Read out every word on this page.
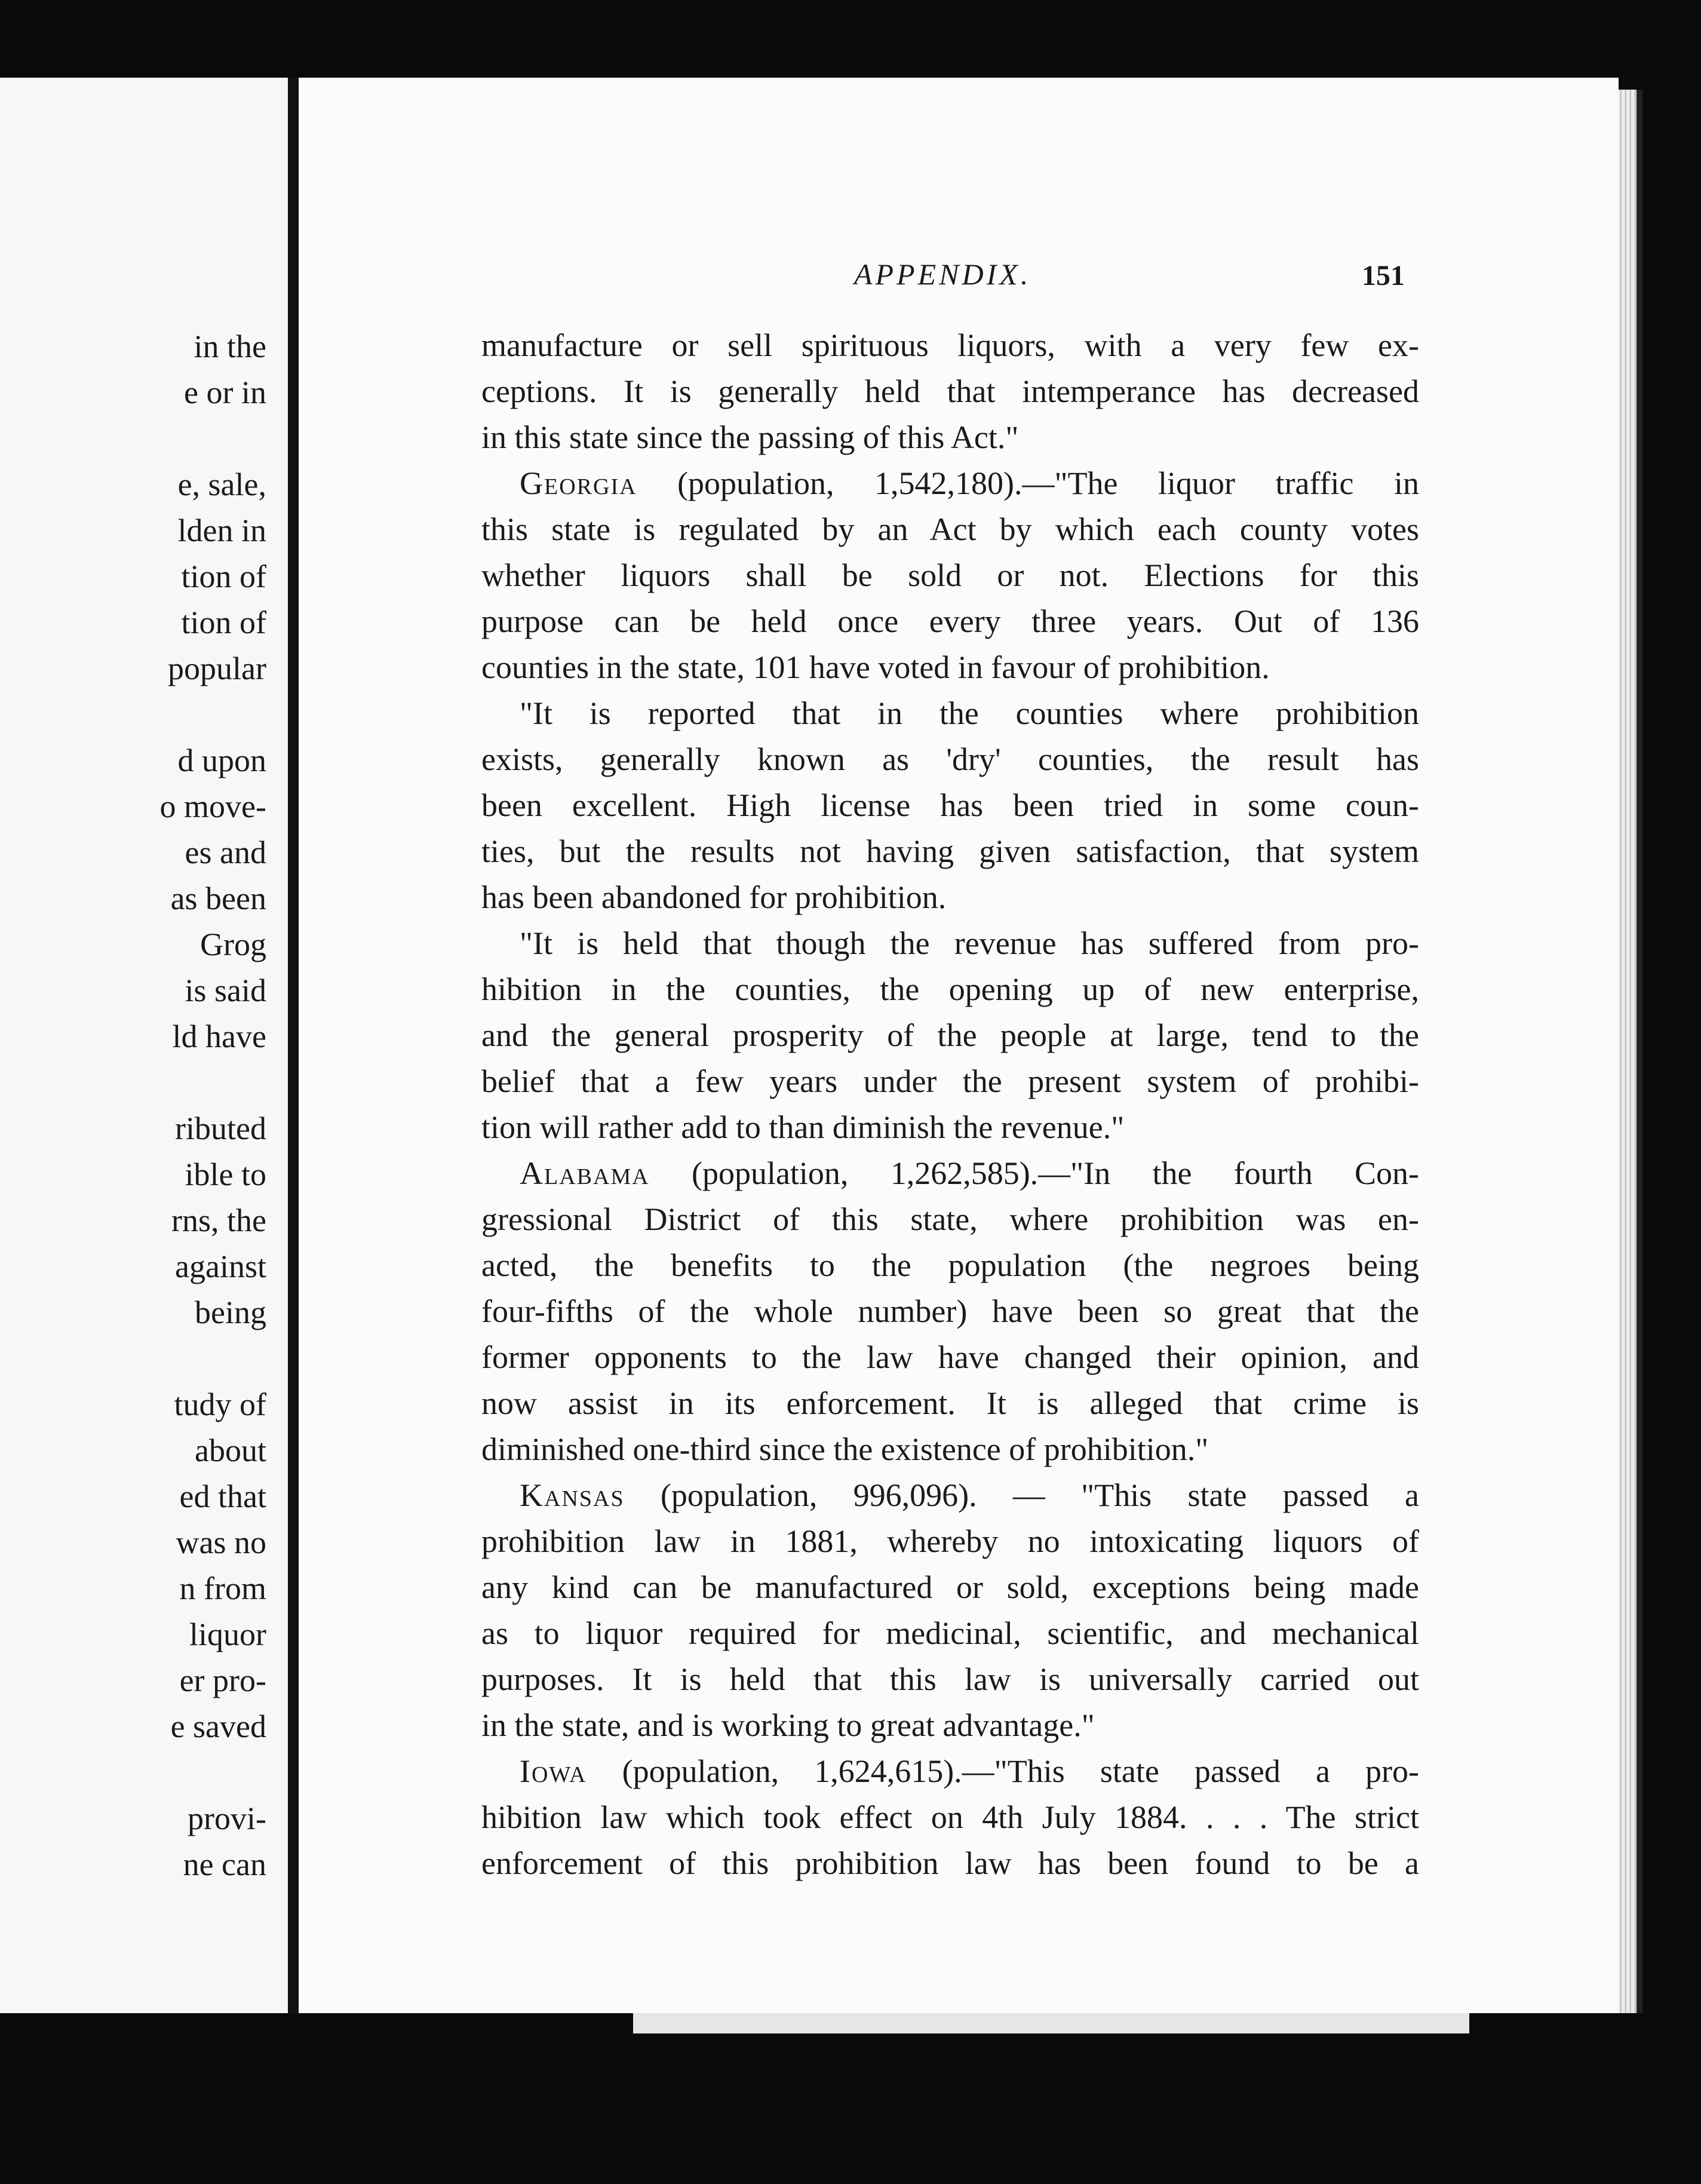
in the
e or in
e, sale,
lden in
tion of
tion of
popular
d upon
o move-
es and
as been
Grog
is said
ld have
ributed
ible to
rns, the
against
being
tudy of
about
ed that
was no
n from
liquor
er pro-
e saved
provi-
ne can
APPENDIX.	151
manufacture or sell spirituous liquors, with a very few ex-
ceptions. It is generally held that intemperance has decreased
in this state since the passing of this Act."
Georgia (population, 1,542,180).—"The liquor traffic in
this state is regulated by an Act by which each county votes
whether liquors shall be sold or not. Elections for this
purpose can be held once every three years. Out of 136
counties in the state, 101 have voted in favour of prohibition.
"It is reported that in the counties where prohibition
exists, generally known as 'dry' counties, the result has
been excellent. High license has been tried in some coun-
ties, but the results not having given satisfaction, that system
has been abandoned for prohibition.
"It is held that though the revenue has suffered from pro-
hibition in the counties, the opening up of new enterprise,
and the general prosperity of the people at large, tend to the
belief that a few years under the present system of prohibi-
tion will rather add to than diminish the revenue."
Alabama (population, 1,262,585).—"In the fourth Con-
gressional District of this state, where prohibition was en-
acted, the benefits to the population (the negroes being
four-fifths of the whole number) have been so great that the
former opponents to the law have changed their opinion, and
now assist in its enforcement. It is alleged that crime is
diminished one-third since the existence of prohibition."
Kansas (population, 996,096). — "This state passed a
prohibition law in 1881, whereby no intoxicating liquors of
any kind can be manufactured or sold, exceptions being made
as to liquor required for medicinal, scientific, and mechanical
purposes. It is held that this law is universally carried out
in the state, and is working to great advantage."
Iowa (population, 1,624,615).—"This state passed a pro-
hibition law which took effect on 4th July 1884. . . . The strict
enforcement of this prohibition law has been found to be a
